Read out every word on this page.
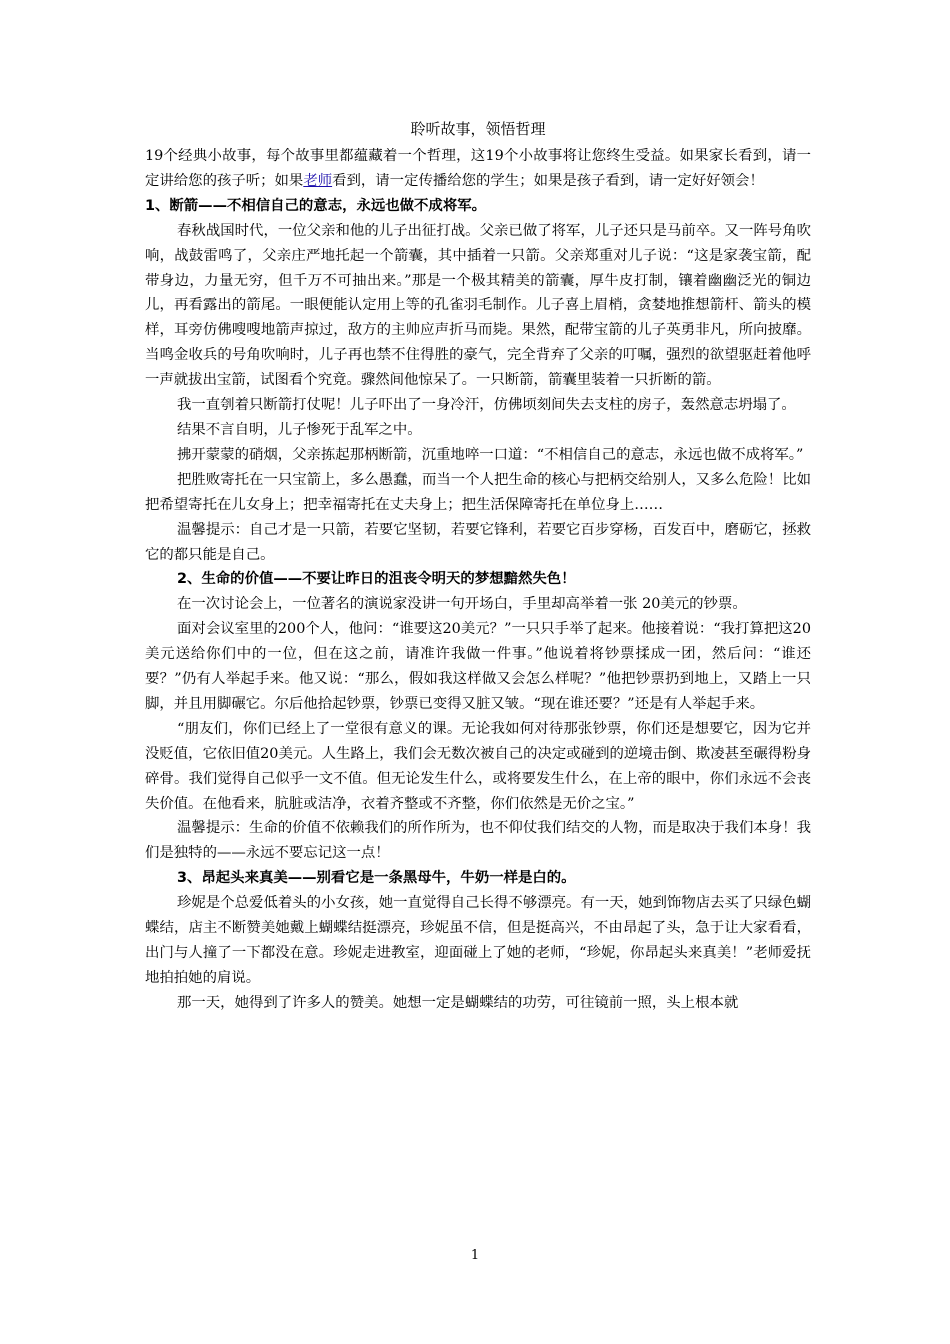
聆听故事，领悟哲理

19个经典小故事，每个故事里都蕴藏着一个哲理，这19个小故事将让您终生受益。如果家长看到，请一定讲给您的孩子听；如果老师看到，请一定传播给您的学生；如果是孩子看到，请一定好好领会！

1、断箭——不相信自己的意志，永远也做不成将军。

春秋战国时代，一位父亲和他的儿子出征打战。父亲已做了将军，儿子还只是马前卒。又一阵号角吹响，战鼓雷鸣了，父亲庄严地托起一个箭囊，其中插着一只箭。父亲郑重对儿子说：“这是家袭宝箭，配带身边，力量无穷，但千万不可抽出来。”那是一个极其精美的箭囊，厚牛皮打制，镶着幽幽泛光的铜边儿，再看露出的箭尾。一眼便能认定用上等的孔雀羽毛制作。儿子喜上眉梢，贪婪地推想箭杆、箭头的模样，耳旁仿佛嗖嗖地箭声掠过，敌方的主帅应声折马而毙。果然，配带宝箭的儿子英勇非凡，所向披靡。当鸣金收兵的号角吹响时，儿子再也禁不住得胜的豪气，完全背弃了父亲的叮嘱，强烈的欲望驱赶着他呼一声就拔出宝箭，试图看个究竟。骤然间他惊呆了。一只断箭，箭囊里装着一只折断的箭。

我一直刳着只断箭打仗呢！儿子吓出了一身冷汗，仿佛顷刻间失去支柱的房子，轰然意志坍塌了。

结果不言自明，儿子惨死于乱军之中。

拂开蒙蒙的硝烟，父亲拣起那柄断箭，沉重地啐一口道：“不相信自己的意志，永远也做不成将军。”

把胜败寄托在一只宝箭上，多么愚蠢，而当一个人把生命的核心与把柄交给别人，又多么危险！比如把希望寄托在儿女身上；把幸福寄托在丈夫身上；把生活保障寄托在单位身上……

温馨提示：自己才是一只箭，若要它坚韧，若要它锋利，若要它百步穿杨，百发百中，磨砺它，拯救它的都只能是自己。

2、生命的价值——不要让昨日的沮丧令明天的梦想黯然失色！

在一次讨论会上，一位著名的演说家没讲一句开场白，手里却高举着一张 20美元的钞票。

面对会议室里的200个人，他问：“谁要这20美元？”一只只手举了起来。他接着说：“我打算把这20美元送给你们中的一位，但在这之前，请准许我做一件事。”他说着将钞票揉成一团，然后问：“谁还要？”仍有人举起手来。他又说：“那么，假如我这样做又会怎么样呢？”他把钞票扔到地上，又踏上一只脚，并且用脚碾它。尔后他拾起钞票，钞票已变得又脏又皱。“现在谁还要？”还是有人举起手来。

“朋友们，你们已经上了一堂很有意义的课。无论我如何对待那张钞票，你们还是想要它，因为它并没贬值，它依旧值20美元。人生路上，我们会无数次被自己的决定或碰到的逆境击倒、欺凌甚至碾得粉身碎骨。我们觉得自己似乎一文不值。但无论发生什么，或将要发生什么，在上帝的眼中，你们永远不会丧失价值。在他看来，肮脏或洁净，衣着齐整或不齐整，你们依然是无价之宝。”

温馨提示：生命的价值不依赖我们的所作所为，也不仰仗我们结交的人物，而是取决于我们本身！我们是独特的——永远不要忘记这一点！

3、昂起头来真美——别看它是一条黑母牛，牛奶一样是白的。

珍妮是个总爱低着头的小女孩，她一直觉得自己长得不够漂亮。有一天，她到饰物店去买了只绿色蝴蝶结，店主不断赞美她戴上蝴蝶结挺漂亮，珍妮虽不信，但是挺高兴，不由昂起了头，急于让大家看看，出门与人撞了一下都没在意。珍妮走进教室，迎面碰上了她的老师，“珍妮，你昂起头来真美！”老师爱抚地拍拍她的肩说。

那一天，她得到了许多人的赞美。她想一定是蝴蝶结的功劳，可往镜前一照，头上根本就

1
